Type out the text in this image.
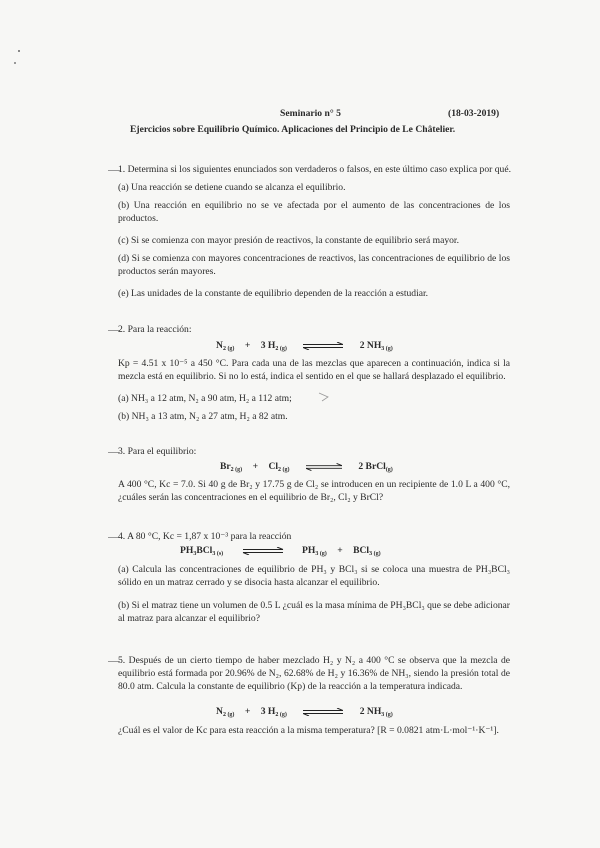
Seminario n° 5	(18-03-2019)
Ejercicios sobre Equilibrio Químico. Aplicaciones del Principio de Le Châtelier.
1. Determina si los siguientes enunciados son verdaderos o falsos, en este último caso explica por qué.
(a) Una reacción se detiene cuando se alcanza el equilibrio.
(b) Una reacción en equilibrio no se ve afectada por el aumento de las concentraciones de los productos.
(c) Si se comienza con mayor presión de reactivos, la constante de equilibrio será mayor.
(d) Si se comienza con mayores concentraciones de reactivos, las concentraciones de equilibrio de los productos serán mayores.
(e) Las unidades de la constante de equilibrio dependen de la reacción a estudiar.
2. Para la reacción:
$N_{2 (g)} + 3$ $H_{2 (g)}$	2 $NH_{3 (g)}$
Kp = 4.51 x 10⁻⁵ a 450 °C. Para cada una de las mezclas que aparecen a continuación, indica si la mezcla está en equilibrio. Si no lo está, indica el sentido en el que se hallará desplazado el equilibrio.
(a) NH₃ a 12 atm, N₂ a 90 atm, H₂ a 112 atm;
(b) NH₃ a 13 atm, N₂ a 27 atm, H₂ a 82 atm.
3. Para el equilibrio:
$Br_{2 (g)} + Cl_{2 (g)}$	2 BrCl$_{(g)}$
A 400 °C, Kc = 7.0. Si 40 g de Br₂ y 17.75 g de Cl₂ se introducen en un recipiente de 1.0 L a 400 °C, ¿cuáles serán las concentraciones en el equilibrio de Br₂, Cl₂ y BrCl?
4. A 80 °C, Kc = 1,87 x 10⁻³ para la reacción
$PH_3BCl_{3 (s)}$	$PH_{3 (g)} + BCl_{3 (g)}$
(a) Calcula las concentraciones de equilibrio de PH₃ y BCl₃ si se coloca una muestra de PH₃BCl₃ sólido en un matraz cerrado y se disocia hasta alcanzar el equilibrio.
(b) Si el matraz tiene un volumen de 0.5 L ¿cuál es la masa mínima de PH₃BCl₃ que se debe adicionar al matraz para alcanzar el equilibrio?
5. Después de un cierto tiempo de haber mezclado H₂ y N₂ a 400 °C se observa que la mezcla de equilibrio está formada por 20.96% de N₂, 62.68% de H₂ y 16.36% de NH₃, siendo la presión total de 80.0 atm. Calcula la constante de equilibrio (Kp) de la reacción a la temperatura indicada.
$N_{2 (g)} + 3$ $H_{2 (g)}$	2 $NH_{3 (g)}$
¿Cuál es el valor de Kc para esta reacción a la misma temperatura? [R = 0.0821 atm·L·mol⁻¹·K⁻¹].
